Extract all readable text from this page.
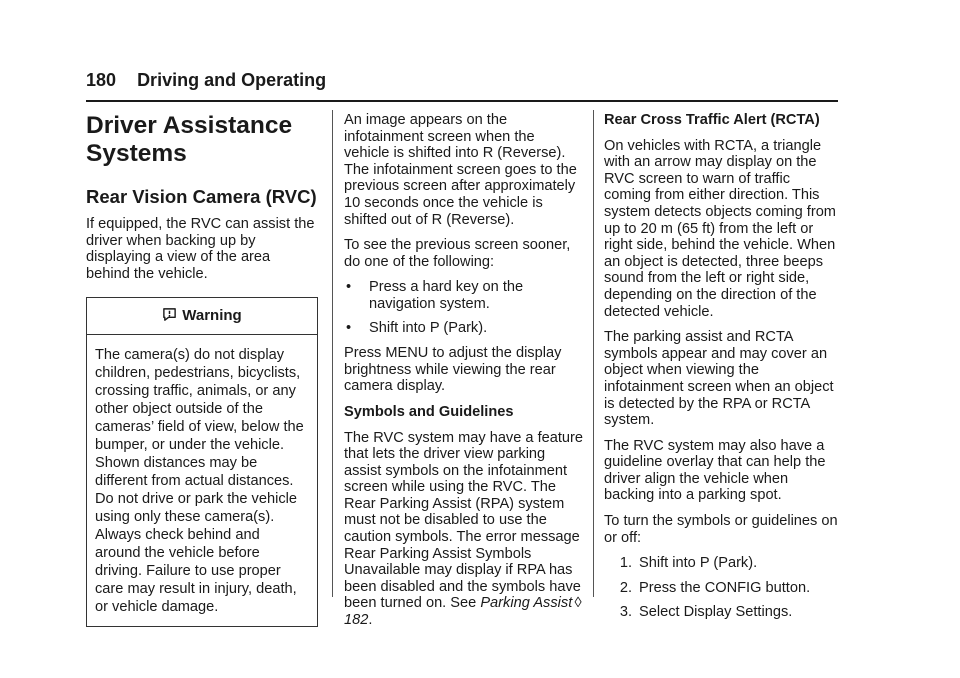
180 Driving and Operating
Driver Assistance Systems
Rear Vision Camera (RVC)

If equipped, the RVC can assist the driver when backing up by displaying a view of the area behind the vehicle.

Warning
The camera(s) do not display children, pedestrians, bicyclists, crossing traffic, animals, or any other object outside of the cameras’ field of view, below the bumper, or under the vehicle. Shown distances may be different from actual distances. Do not drive or park the vehicle using only these camera(s). Always check behind and around the vehicle before driving. Failure to use proper care may result in injury, death, or vehicle damage.

An image appears on the infotainment screen when the vehicle is shifted into R (Reverse). The infotainment screen goes to the previous screen after approximately 10 seconds once the vehicle is shifted out of R (Reverse).

To see the previous screen sooner, do one of the following:

• Press a hard key on the navigation system.
• Shift into P (Park).

Press MENU to adjust the display brightness while viewing the rear camera display.

Symbols and Guidelines

The RVC system may have a feature that lets the driver view parking assist symbols on the infotainment screen while using the RVC. The Rear Parking Assist (RPA) system must not be disabled to use the caution symbols. The error message Rear Parking Assist Symbols Unavailable may display if RPA has been disabled and the symbols have been turned on. See Parking Assist ◊182.

Rear Cross Traffic Alert (RCTA)

On vehicles with RCTA, a triangle with an arrow may display on the RVC screen to warn of traffic coming from either direction. This system detects objects coming from up to 20 m (65 ft) from the left or right side, behind the vehicle. When an object is detected, three beeps sound from the left or right side, depending on the direction of the detected vehicle.

The parking assist and RCTA symbols appear and may cover an object when viewing the infotainment screen when an object is detected by the RPA or RCTA system.

The RVC system may also have a guideline overlay that can help the driver align the vehicle when backing into a parking spot.

To turn the symbols or guidelines on or off:

1. Shift into P (Park).
2. Press the CONFIG button.
3. Select Display Settings.
